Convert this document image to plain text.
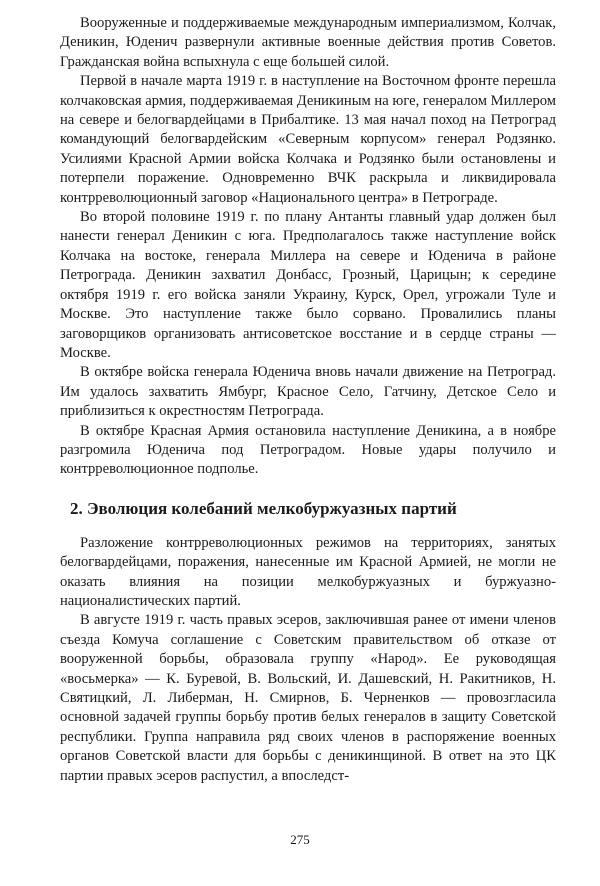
Вооруженные и поддерживаемые международным империализмом, Колчак, Деникин, Юденич развернули активные военные действия против Советов. Гражданская война вспыхнула с еще большей силой.

Первой в начале марта 1919 г. в наступление на Восточном фронте перешла колчаковская армия, поддерживаемая Деникиным на юге, генералом Миллером на севере и белогвардейцами в Прибалтике. 13 мая начал поход на Петроград командующий белогвардейским «Северным корпусом» генерал Родзянко. Усилиями Красной Армии войска Колчака и Родзянко были остановлены и потерпели поражение. Одновременно ВЧК раскрыла и ликвидировала контрреволюционный заговор «Национального центра» в Петрограде.

Во второй половине 1919 г. по плану Антанты главный удар должен был нанести генерал Деникин с юга. Предполагалось также наступление войск Колчака на востоке, генерала Миллера на севере и Юденича в районе Петрограда. Деникин захватил Донбасс, Грозный, Царицын; к середине октября 1919 г. его войска заняли Украину, Курск, Орел, угрожали Туле и Москве. Это наступление также было сорвано. Провалились планы заговорщиков организовать антисоветское восстание и в сердце страны — Москве.

В октябре войска генерала Юденича вновь начали движение на Петроград. Им удалось захватить Ямбург, Красное Село, Гатчину, Детское Село и приблизиться к окрестностям Петрограда.

В октябре Красная Армия остановила наступление Деникина, а в ноябре разгромила Юденича под Петроградом. Новые удары получило и контрреволюционное подполье.

2. Эволюция колебаний мелкобуржуазных партий

Разложение контрреволюционных режимов на территориях, занятых белогвардейцами, поражения, нанесенные им Красной Армией, не могли не оказать влияния на позиции мелкобуржуазных и буржуазно-националистических партий.

В августе 1919 г. часть правых эсеров, заключившая ранее от имени членов съезда Комуча соглашение с Советским правительством об отказе от вооруженной борьбы, образовала группу «Народ». Ее руководящая «восьмерка» — К. Буревой, В. Вольский, И. Дашевский, Н. Ракитников, Н. Святицкий, Л. Либерман, Н. Смирнов, Б. Черненков — провозгласила основной задачей группы борьбу против белых генералов в защиту Советской республики. Группа направила ряд своих членов в распоряжение военных органов Советской власти для борьбы с деникинщиной. В ответ на это ЦК партии правых эсеров распустил, а впоследст-

275
